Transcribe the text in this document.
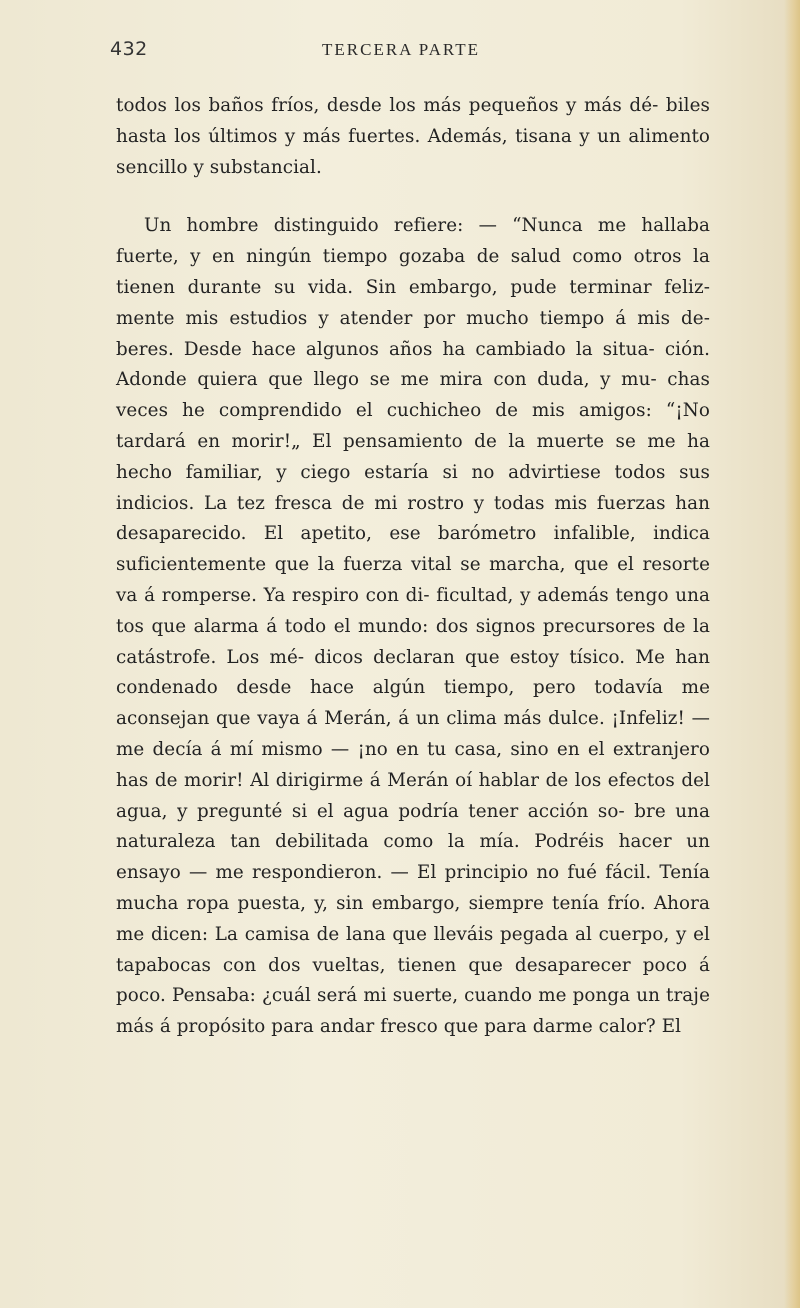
432	TERCERA PARTE

todos los baños fríos, desde los más pequeños y más dé- biles hasta los últimos y más fuertes. Además, tisana y un alimento sencillo y substancial.

Un hombre distinguido refiere: — “Nunca me hallaba fuerte, y en ningún tiempo gozaba de salud como otros la tienen durante su vida. Sin embargo, pude terminar feliz- mente mis estudios y atender por mucho tiempo á mis de- beres. Desde hace algunos años ha cambiado la situa- ción. Adonde quiera que llego se me mira con duda, y mu- chas veces he comprendido el cuchicheo de mis amigos: “¡No tardará en morir!„ El pensamiento de la muerte se me ha hecho familiar, y ciego estaría si no advirtiese todos sus indicios. La tez fresca de mi rostro y todas mis fuerzas han desaparecido. El apetito, ese barómetro infalible, indica suficientemente que la fuerza vital se marcha, que el resorte va á romperse. Ya respiro con di- ficultad, y además tengo una tos que alarma á todo el mundo: dos signos precursores de la catástrofe. Los mé- dicos declaran que estoy tísico. Me han condenado desde hace algún tiempo, pero todavía me aconsejan que vaya á Merán, á un clima más dulce. ¡Infeliz! — me decía á mí mismo — ¡no en tu casa, sino en el extranjero has de morir! Al dirigirme á Merán oí hablar de los efectos del agua, y pregunté si el agua podría tener acción so- bre una naturaleza tan debilitada como la mía. Podréis hacer un ensayo — me respondieron. — El principio no fué fácil. Tenía mucha ropa puesta, y, sin embargo, siempre tenía frío. Ahora me dicen: La camisa de lana que lleváis pegada al cuerpo, y el tapabocas con dos vueltas, tienen que desaparecer poco á poco. Pensaba: ¿cuál será mi suerte, cuando me ponga un traje más á propósito para andar fresco que para darme calor? El
